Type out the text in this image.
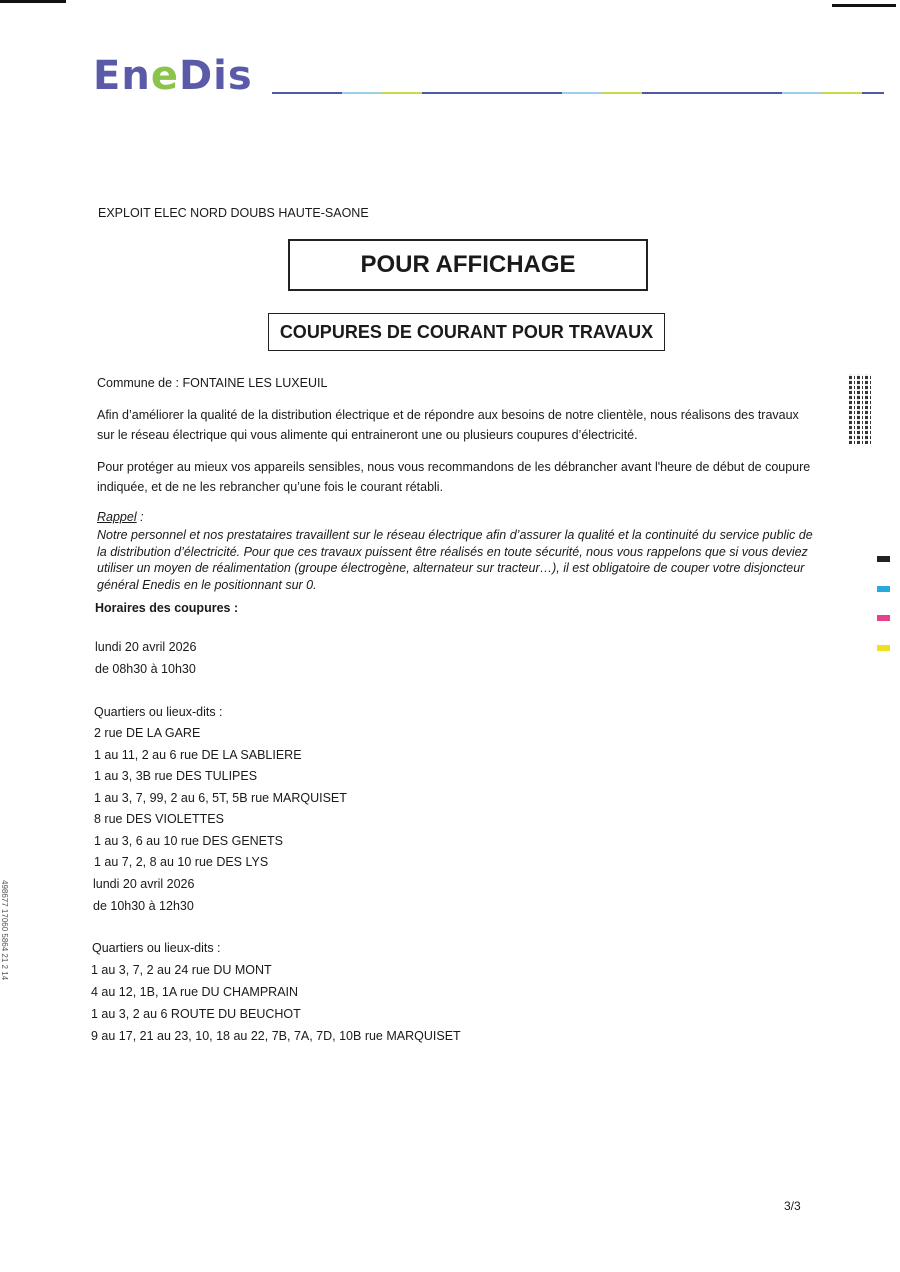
EneDis
EXPLOIT ELEC NORD DOUBS HAUTE-SAONE
POUR AFFICHAGE
COUPURES DE COURANT POUR TRAVAUX
Commune de : FONTAINE LES LUXEUIL
Afin d’améliorer la qualité de la distribution électrique et de répondre aux besoins de notre clientèle, nous réalisons des travaux sur le réseau électrique qui vous alimente qui entraineront une ou plusieurs coupures d’électricité.
Pour protéger au mieux vos appareils sensibles, nous vous recommandons de les débrancher avant l'heure de début de coupure indiquée, et de ne les rebrancher qu’une fois le courant rétabli.
Rappel :
Notre personnel et nos prestataires travaillent sur le réseau électrique afin d’assurer la qualité et la continuité du service public de la distribution d’électricité. Pour que ces travaux puissent être réalisés en toute sécurité, nous vous rappelons que si vous deviez utiliser un moyen de réalimentation (groupe électrogène, alternateur sur tracteur…), il est obligatoire de couper votre disjoncteur général Enedis en le positionnant sur 0.
Horaires des coupures :
lundi 20 avril 2026
de 08h30 à 10h30
Quartiers ou lieux-dits :
2 rue DE LA GARE
1 au 11, 2 au 6 rue DE LA SABLIERE
1 au 3, 3B rue DES TULIPES
1 au 3, 7, 99, 2 au 6, 5T, 5B rue MARQUISET
8 rue DES VIOLETTES
1 au 3, 6 au 10 rue DES GENETS
1 au 7, 2, 8 au 10 rue DES LYS
lundi 20 avril 2026
de 10h30 à 12h30
Quartiers ou lieux-dits :
1 au 3, 7, 2 au 24 rue DU MONT
4 au 12, 1B, 1A rue DU CHAMPRAIN
1 au 3, 2 au 6 ROUTE DU BEUCHOT
9 au 17, 21 au 23, 10, 18 au 22, 7B, 7A, 7D, 10B rue MARQUISET
498677 17060 5864 21 2 14
3/3
